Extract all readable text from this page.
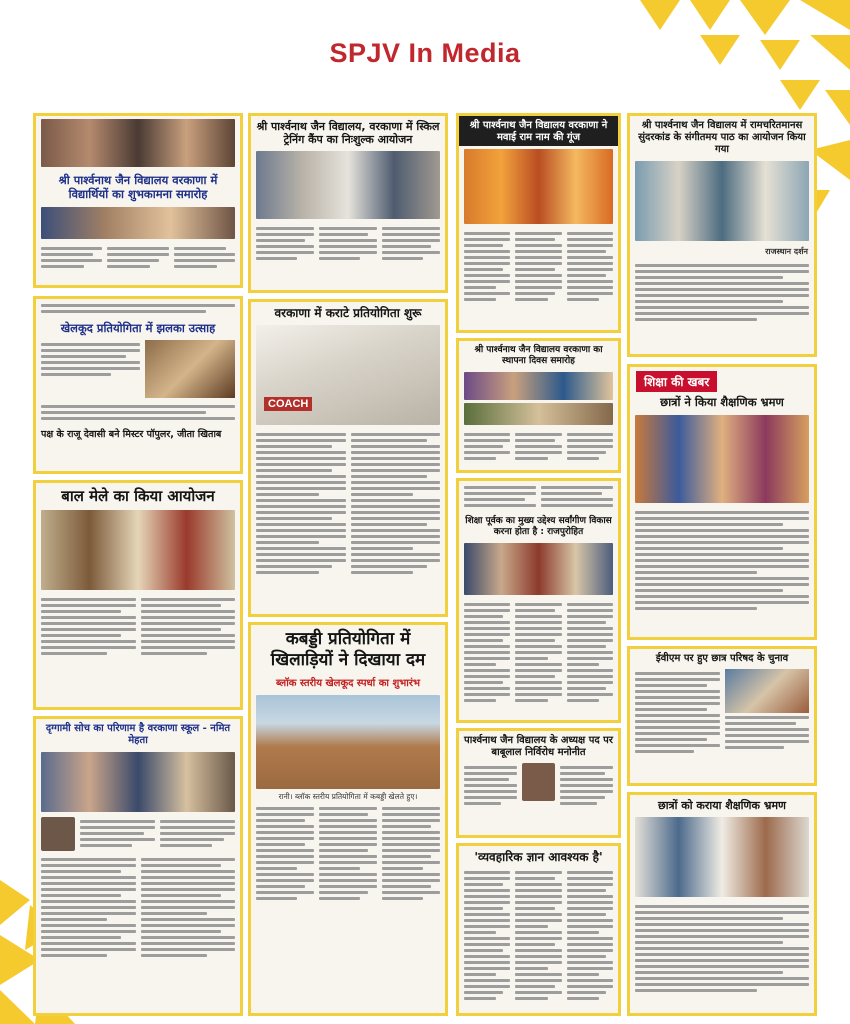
SPJV In Media
श्री पार्श्वनाथ जैन विद्यालय वरकाणा में विद्यार्थियों का शुभकामना समारोह
खेलकूद प्रतियोगिता में झलका उत्साह
पक्ष के राजू देवासी बने मिस्टर पॉपुलर, जीता खिताब
बाल मेले का किया आयोजन
दृग्गामी सोच का परिणाम है वरकाणा स्कूल - नमित मेहता
श्री पार्श्वनाथ जैन विद्यालय, वरकाणा में स्किल ट्रेनिंग कैंप का निःशुल्क आयोजन
वरकाणा में कराटे प्रतियोगिता शुरू
COACH
कबड्डी प्रतियोगिता में खिलाड़ियों ने दिखाया दम
ब्लॉक स्तरीय खेलकूद स्पर्धा का शुभारंभ
रानी। ब्लॉक स्तरीय प्रतियोगिता में कबड्डी खेलते हुए।
श्री पार्श्वनाथ जैन विद्यालय वरकाणा ने मवाई राम नाम की गूंज
श्री पार्श्वनाथ जैन विद्यालय वरकाणा का स्थापना दिवस समारोह
शिक्षा पूर्वक का मुख्य उद्देश्य सर्वांगीण विकास करना होता है : राजपुरोहित
पार्श्वनाथ जैन विद्यालय के अध्यक्ष पद पर बाबूलाल निर्विरोध मनोनीत
'व्यवहारिक ज्ञान आवश्यक है'
श्री पार्श्वनाथ जैन विद्यालय में रामचरितमानस सुंदरकांड के संगीतमय पाठ का आयोजन किया गया
राजस्थान दर्शन
शिक्षा की खबर
छात्रों ने किया शैक्षणिक भ्रमण
ईवीएम पर हुए छात्र परिषद के चुनाव
छात्रों को कराया शैक्षणिक भ्रमण
